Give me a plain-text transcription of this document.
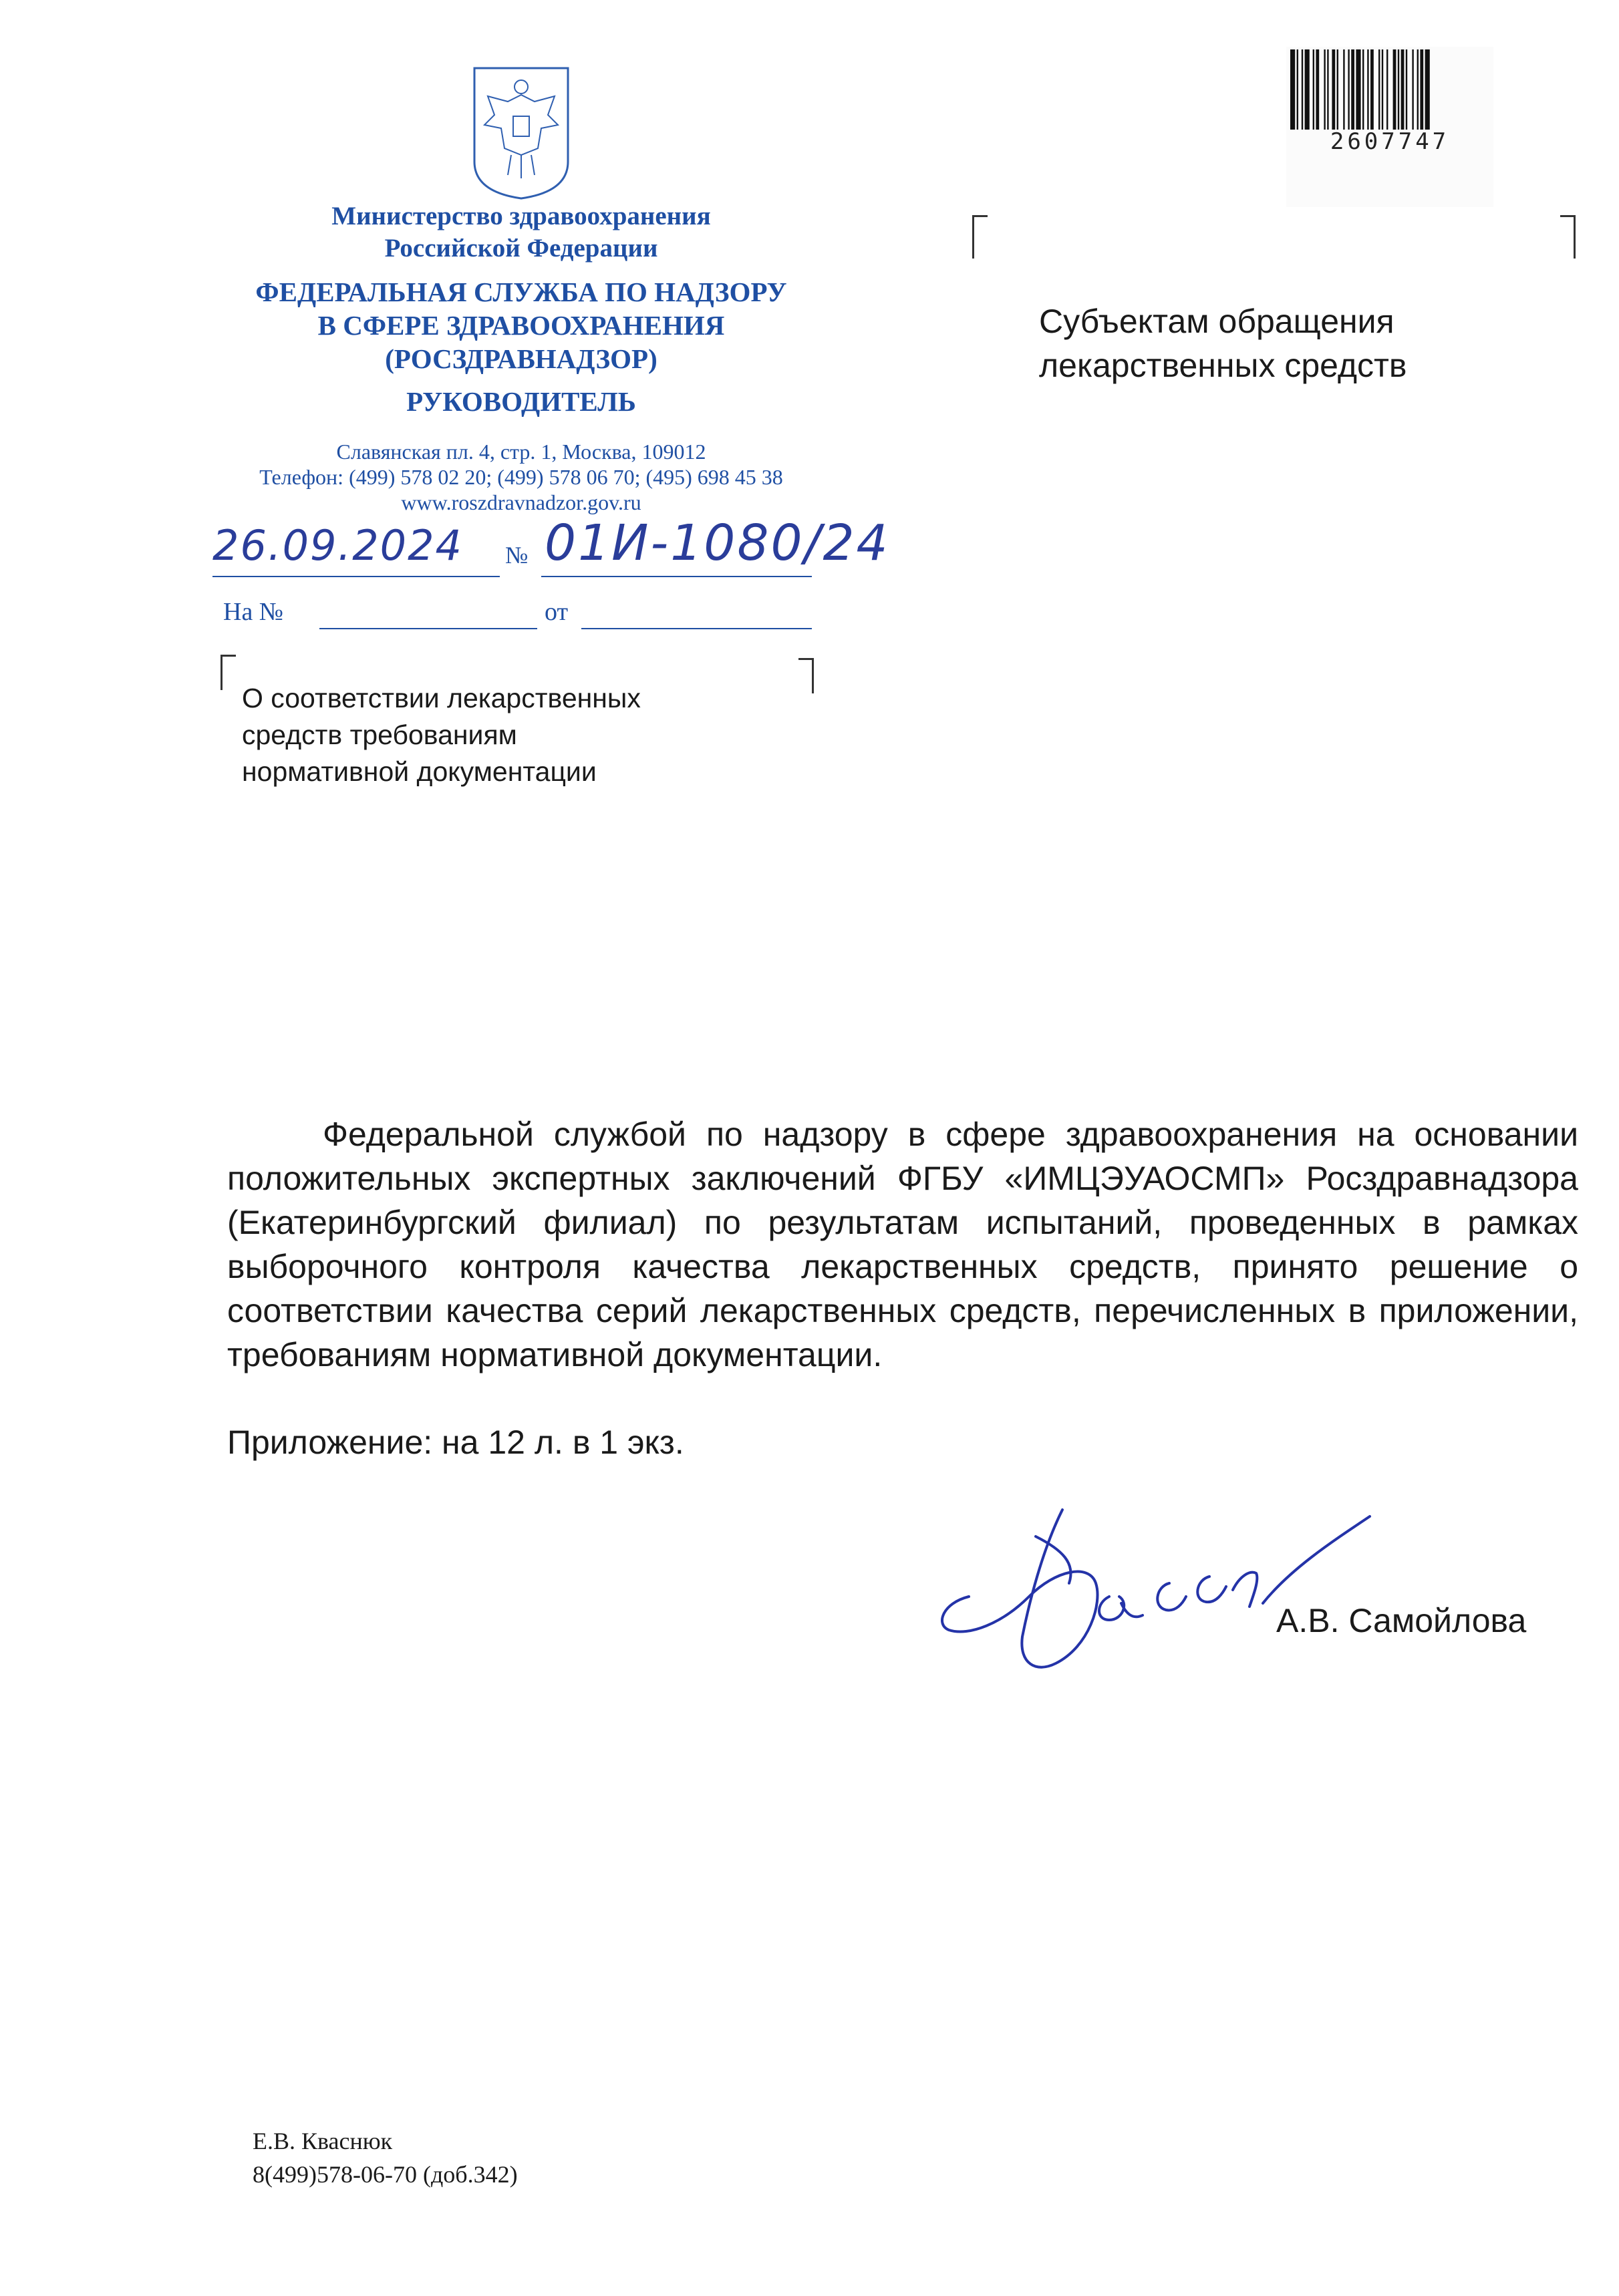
Министерство здравоохранения
Российской Федерации
ФЕДЕРАЛЬНАЯ СЛУЖБА ПО НАДЗОРУ
В СФЕРЕ ЗДРАВООХРАНЕНИЯ
(РОСЗДРАВНАДЗОР)
РУКОВОДИТЕЛЬ
Славянская пл. 4, стр. 1, Москва, 109012
Телефон: (499) 578 02 20; (499) 578 06 70; (495) 698 45 38
www.roszdravnadzor.gov.ru
26.09.2024 № 01И-1080/24
На №	от
О соответствии лекарственных
средств требованиям
нормативной документации
Субъектам обращения
лекарственных средств
2607747
Федеральной службой по надзору в сфере здравоохранения на основании положительных экспертных заключений ФГБУ «ИМЦЭУАОСМП» Росздравнадзора (Екатеринбургский филиал) по результатам испытаний, проведенных в рамках выборочного контроля качества лекарственных средств, принято решение о соответствии качества серий лекарственных средств, перечисленных в приложении, требованиям нормативной документации.
Приложение: на 12 л. в 1 экз.
А.В. Самойлова
Е.В. Кваснюк
8(499)578-06-70 (доб.342)
